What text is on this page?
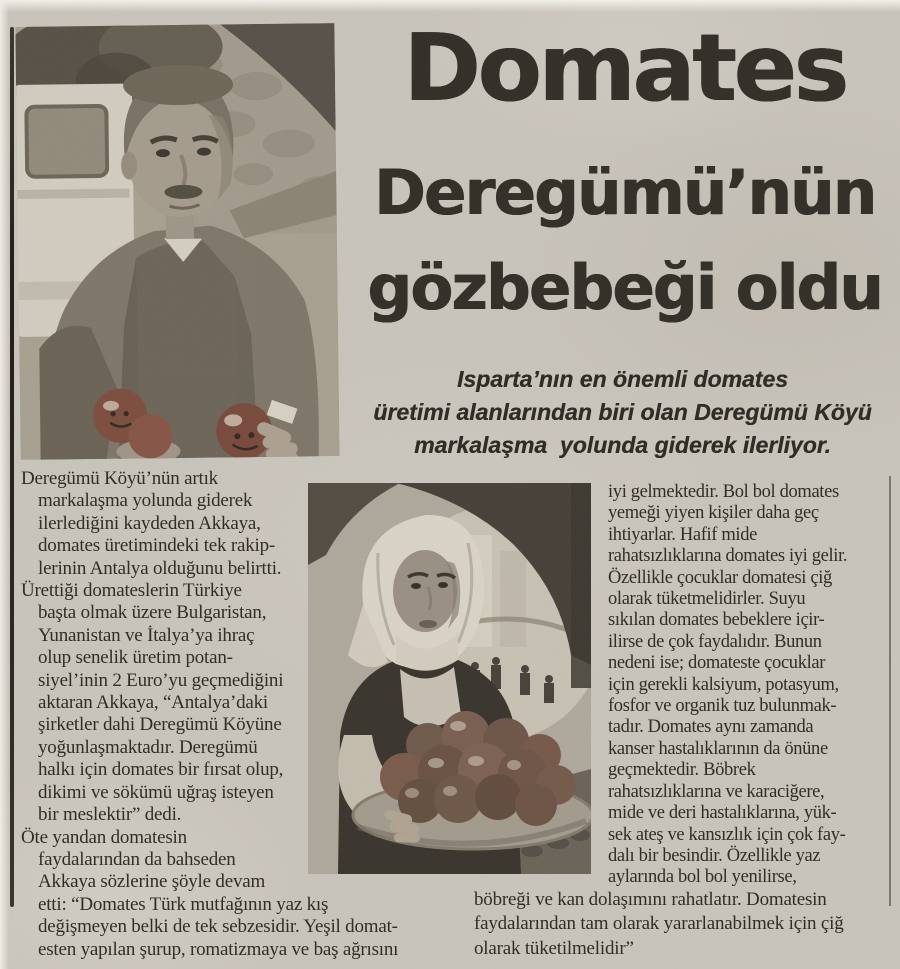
Domates
Deregümü’nün
gözbebeği oldu
Isparta’nın en önemli domates
üretimi alanlarından biri olan Deregümü Köyü
markalaşma  yolunda giderek ilerliyor.
Deregümü Köyü’nün artık
markalaşma yolunda giderek
ilerlediğini kaydeden Akkaya,
domates üretimindeki tek rakip-
lerinin Antalya olduğunu belirtti.
Ürettiği domateslerin Türkiye
başta olmak üzere Bulgaristan,
Yunanistan ve İtalya’ya ihraç
olup senelik üretim potan-
siyel’inin 2 Euro’yu geçmediğini
aktaran Akkaya, “Antalya’daki
şirketler dahi Deregümü Köyüne
yoğunlaşmaktadır. Deregümü
halkı için domates bir fırsat olup,
dikimi ve sökümü uğraş isteyen
bir meslektir” dedi.
Öte yandan domatesin
faydalarından da bahseden
Akkaya sözlerine şöyle devam
etti: “Domates Türk mutfağının yaz kış
değişmeyen belki de tek sebzesidir. Yeşil domat-
esten yapılan şurup, romatizmaya ve baş ağrısını
iyi gelmektedir. Bol bol domates
yemeği yiyen kişiler daha geç
ihtiyarlar. Hafif mide
rahatsızlıklarına domates iyi gelir.
Özellikle çocuklar domatesi çiğ
olarak tüketmelidirler. Suyu
sıkılan domates bebeklere içir-
ilirse de çok faydalıdır. Bunun
nedeni ise; domateste çocuklar
için gerekli kalsiyum, potasyum,
fosfor ve organik tuz bulunmak-
tadır. Domates aynı zamanda
kanser hastalıklarının da önüne
geçmektedir. Böbrek
rahatsızlıklarına ve karaciğere,
mide ve deri hastalıklarına, yük-
sek ateş ve kansızlık için çok fay-
dalı bir besindir. Özellikle yaz
aylarında bol bol yenilirse,
böbreği ve kan dolaşımını rahatlatır. Domatesin
faydalarından tam olarak yararlanabilmek için çiğ
olarak tüketilmelidir”
